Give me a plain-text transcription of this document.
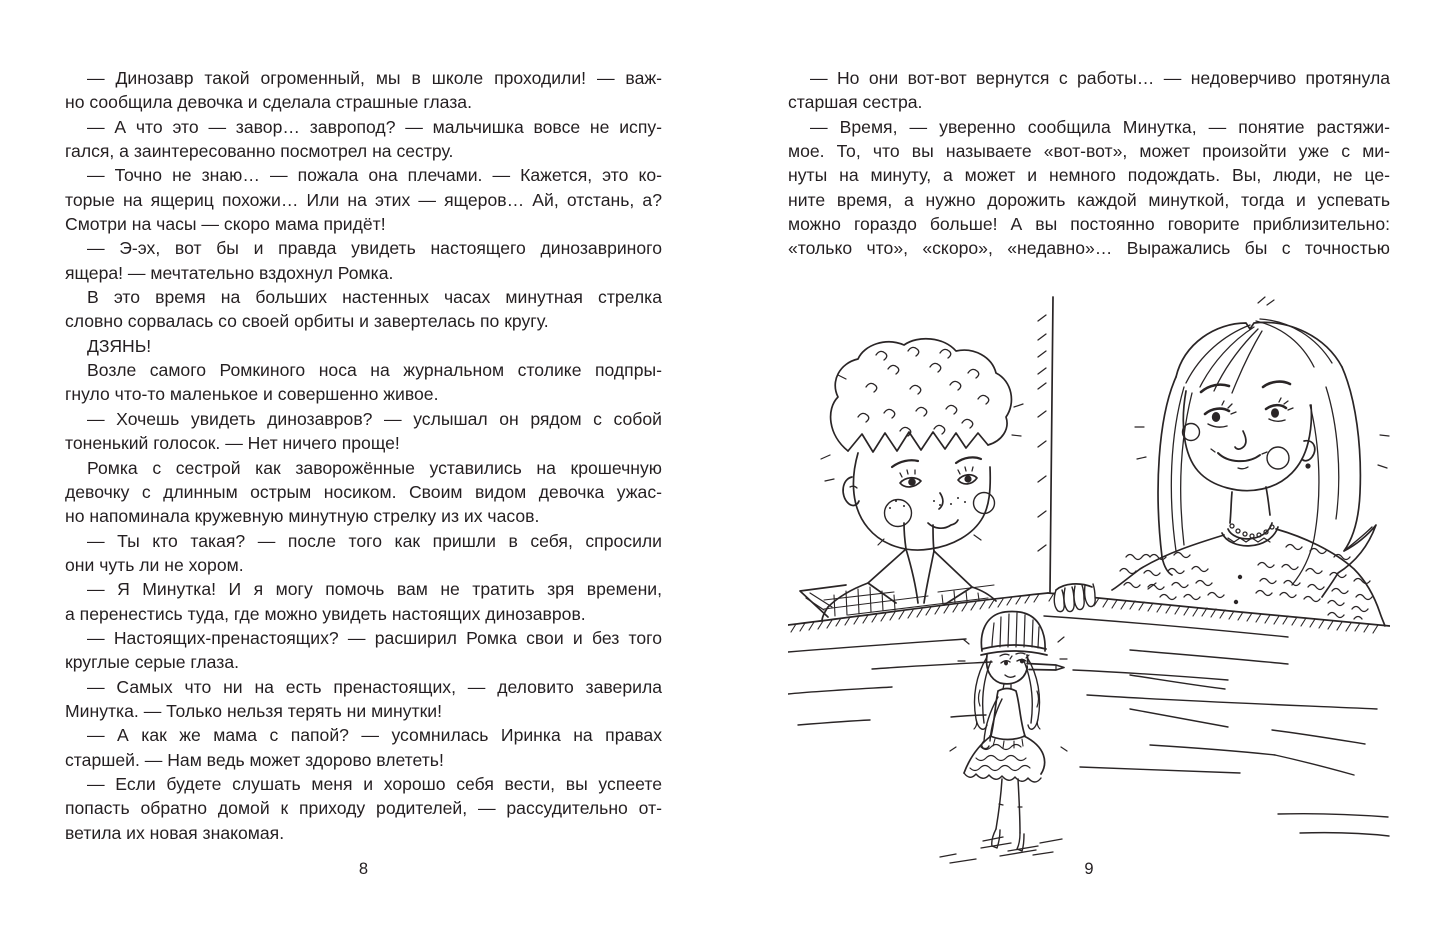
— Динозавр такой огроменный, мы в школе проходили! — важ-
но сообщила девочка и сделала страшные глаза.
— А что это — завор… завропод? — мальчишка вовсе не испу-
гался, а заинтересованно посмотрел на сестру.
— Точно не знаю… — пожала она плечами. — Кажется, это ко-
торые на ящериц похожи… Или на этих — ящеров… Ай, отстань, а?
Смотри на часы — скоро мама придёт!
— Э-эх, вот бы и правда увидеть настоящего динозавриного
ящера! — мечтательно вздохнул Ромка.
В это время на больших настенных часах минутная стрелка
словно сорвалась со своей орбиты и завертелась по кругу.
ДЗЯНЬ!
Возле самого Ромкиного носа на журнальном столике подпры-
гнуло что-то маленькое и совершенно живое.
— Хочешь увидеть динозавров? — услышал он рядом с собой
тоненький голосок. — Нет ничего проще!
Ромка с сестрой как заворожённые уставились на крошечную
девочку с длинным острым носиком. Своим видом девочка ужас-
но напоминала кружевную минутную стрелку из их часов.
— Ты кто такая? — после того как пришли в себя, спросили
они чуть ли не хором.
— Я Минутка! И я могу помочь вам не тратить зря времени,
а перенестись туда, где можно увидеть настоящих динозавров.
— Настоящих-пренастоящих? — расширил Ромка свои и без того
круглые серые глаза.
— Самых что ни на есть пренастоящих, — деловито заверила
Минутка. — Только нельзя терять ни минутки!
— А как же мама с папой? — усомнилась Иринка на правах
старшей. — Нам ведь может здорово влететь!
— Если будете слушать меня и хорошо себя вести, вы успеете
попасть обратно домой к приходу родителей, — рассудительно от-
ветила их новая знакомая.
8
— Но они вот-вот вернутся с работы… — недоверчиво протянула
старшая сестра.
— Время, — уверенно сообщила Минутка, — понятие растяжи-
мое. То, что вы называете «вот-вот», может произойти уже с ми-
нуты на минуту, а может и немного подождать. Вы, люди, не це-
ните время, а нужно дорожить каждой минуткой, тогда и успевать
можно гораздо больше! А вы постоянно говорите приблизительно:
«только что», «скоро», «недавно»… Выражались бы с точностью
9
